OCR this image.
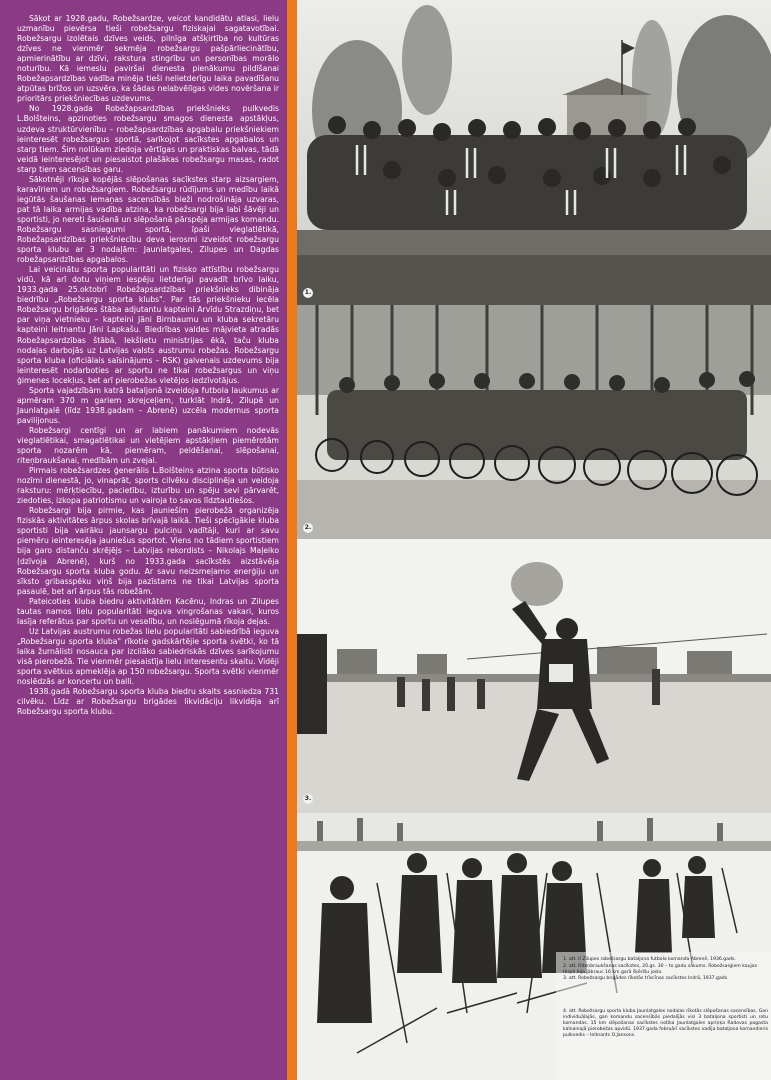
Sākot ar 1928.gadu, Robežsardze, veicot kandidātu atlasi, lielu uzmanību pievērsa tieši robežsargu fiziskajai sagatavotībai. Robežsargu izolētais dzīves veids, pilnīga atšķirtība no kultūras dzīves ne vienmēr sekmēja robežsargu pašpārliecinātību, apmierinātību ar dzīvi, rakstura stingrību un personības morālo noturību. Kā iemeslu paviršai dienesta pienākumu pildīšanai Robežapsardzības vadība minēja tieši nelietderīgu laika pavadīšanu atpūtas brīžos un uzsvēra, ka šādas nelabvēlīgas vides novēršana ir prioritārs priekšniecības uzdevums.

No 1928.gada Robežapsardzības priekšnieks pulkvedis L.Bolšteins, apzinoties robežsargu smagos dienesta apstākļus, uzdeva struktūrvienību – robežapsardzības apgabalu priekšniekiem ieinteresēt robežsargus sportā, sarīkojot sacīkstes apgabalos un starp tiem. Šim nolūkam ziedoja vērtīgas un praktiskas balvas, tādā veidā ieinteresējot un piesaistot plašākas robežsargu masas, radot starp tiem sacensības garu.

Sākotnēji rīkoja kopējās slēpošanas sacīkstes starp aizsargiem, karavīriem un robežsargiem. Robežsargu rūdījums un medību laikā iegūtās šaušanas iemaņas sacensībās bieži nodrošināja uzvaras, pat tā laika armijas vadība atzina, ka robežsargi bija labi šāvēji un sportisti, jo nereti šaušanā un slēpošanā pārspēja armijas komandu. Robežsargu sasniegumi sportā, īpaši vieglatlētikā, Robežapsardzības priekšniecību deva ierosmi izveidot robežsargu sporta klubu ar 3 nodaļām: Jaunlatgales, Zilupes un Dagdas robežapsardzības apgabalos.

Lai veicinātu sporta popularitāti un fizisko attīstību robežsargu vidū, kā arī dotu viņiem iespēju lietderīgi pavadīt brīvo laiku, 1933.gada 25.oktobrī Robežapsardzības priekšnieks dibināja biedrību „Robežsargu sporta klubs". Par tās priekšnieku iecēla Robežsargu brigādes štāba adjutantu kapteini Arvīdu Strazdiņu, bet par viņa vietnieku – kapteini Jāni Birnbaumu un kluba sekretāru kapteini leitnantu Jāni Lapkašu. Biedrības valdes mājvieta atradās Robežapsardzības štābā, Iekšlietu ministrijas ēkā, taču kluba nodaļas darbojās uz Latvijas valsts austrumu robežas. Robežsargu sporta kluba (oficiālais saīsinājums – RSK) galvenais uzdevums bija ieinteresēt nodarboties ar sportu ne tikai robežsargus un viņu ģimenes locekļus, bet arī pierobežas vietējos iedzīvotājus.

Sporta vajadzībām katrā bataljonā izveidoja futbola laukumus ar apmēram 370 m gariem skrejceļiem, turklāt Indrā, Zilupē un Jaunlatgalē (līdz 1938.gadam – Abrenē) uzcēla modernus sporta pavilijonus.

Robežsargi centīgi un ar labiem panākumiem nodevās vieglatlētikai, smagatlētikai un vietējiem apstākļiem piemērotām sporta nozarēm kā, piemēram, peldēšanai, slēpošanai, riteņbraukšanai, medībām un zvejai.

Pirmais robežsardzes ģenerālis L.Bolšteins atzina sporta būtisko nozīmi dienestā, jo, vinaprāt, sports cilvēku disciplinēja un veidoja raksturu: mērķtiecību, pacietību, izturību un spēju sevi pārvarēt, ziedoties, izkopa patriotismu un vairoja to savos līdztautiešos.

Robežsargi bija pirmie, kas jaunieším pierobežā organizēja fiziskās aktivitātes ārpus skolas brīvajā laikā. Tieši spēcīgākie kluba sportisti bija vairāku jaunsargu pulciņu vadītāji, kuri ar savu piemēru ieinteresēja jauniešus sportot. Viens no tādiem sportistiem bija garo distanču skrējējs – Latvijas rekordists – Nikolajs Maļeiko (dzīvoja Abrenē), kurš no 1933.gada sacīkstēs aizstāvēja Robežsargu sporta kluba godu. Ar savu neizsmeļamo enerģiju un sīksto gribasspēku viņš bija pazīstams ne tikai Latvijas sporta pasaulē, bet arī ārpus tās robežām.

Pateicoties kluba biedru aktivitātēm Kacēnu, Indras un Zilupes tautas namos lielu popularitāti ieguva vingrošanas vakari, kuros lasīja referātus par sportu un veselību, un noslēgumā rīkoja dejas.

Uz Latvijas austrumu robežas lielu popularitāti sabiedrībā ieguva „Robežsargu sporta kluba" rīkotie gadskārtējie sporta svētki, ko tā laika žurnālisti nosauca par izcilāko sabiedriskās dzīves sarīkojumu visā pierobežā. Tie vienmēr piesaistīja lielu interesentu skaitu. Vidēji sporta svētkus apmeklēja ap 150 robežsargu. Sporta svētki vienmēr noslēdzās ar koncertu un balli.

1938.gadā Robežsargu sporta kluba biedru skaits sasniedza 731 cilvēku. Līdz ar Robežsargu brigādes likvidāciju likvidēja arī Robežsargu sporta klubu.

1.
2.
3.

1. att. II Zilupes robežsargu bataljona futbola komanda Abrenē, 1936.gads.

2. att. Riteņbraukšanas sacīkstes, 20.gs. 30 – to gadu sākums. Robežsargiem kaujas tērpā bija jābrauc 16 km garā šķēršļu josla.

3. att. Robežsargu brigādes rīkotās trīscīņas sacīkstes Indrā, 1937.gads.

4. att. Robežsargu sporta kluba Jaunlatgales nodaļas rīkotās slēpošanas sacensības. Gan individuālajās, gan komandu sacensībās piedalījās visi 3 bataljona sportisti un rotu komandas. 15 km slēpošanas sacīkstes notika Jaunlatgales apriņķa Radovas pagasta kalnainajā pierobežas apvidū. 1937.gada februārī sacīkstes vadīja bataljona komandieris pulkvedis – leitnants O.Jansons.
